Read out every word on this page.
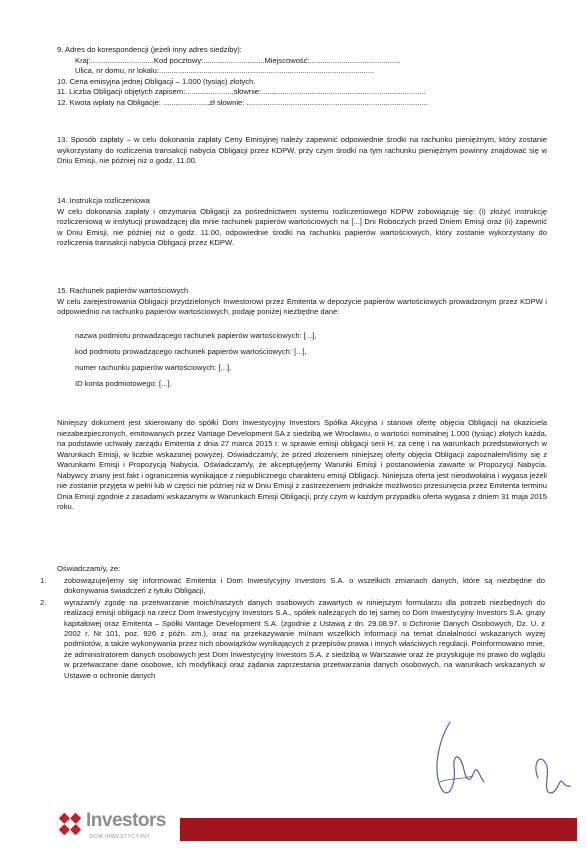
9. Adres do korespondencji (jeżeli inny adres siedziby):

Kraj:..............................Kod pocztowy:.............................Miejscowość:...........................................

Ulica, nr domu, nr lokalu:......................................................................................................

10. Cena emisyjna jednej Obligacji – 1.000 (tysiąc) złotych.

11. Liczba Obligacji objętych zapisem:.......................słownie:..............................................................................

12. Kwota wpłaty na Obligacje: ......................zł słownie: ......................................................................................

13. Sposób zapłaty – w celu dokonania zapłaty Ceny Emisyjnej należy zapewnić odpowiednie środki na rachunku pieniężnym, który zostanie wykorzystany do rozliczenia transakcji nabycia Obligacji przez KDPW, przy czym środki na tym rachunku pieniężnym powinny znajdować się w Dniu Emisji, nie później niż o godz. 11.00.

14. Instrukcja rozliczeniowa

W celu dokonania zapłaty i otrzymania Obligacji za pośrednictwem systemu rozliczeniowego KDPW zobowiązuję się: (i) złożyć instrukcję rozliczeniową w instytucji prowadzącej dla mnie rachunek papierów wartościowych na [...] Dni Roboczych przed Dniem Emisji oraz (ii) zapewnić w Dniu Emisji, nie później niż o godz. 11.00, odpowiednie środki na rachunku papierów wartościowych, który zostanie wykorzystany do rozliczenia transakcji nabycia Obligacji przez KDPW.

15. Rachunek papierów wartościowych

W celu zarejestrowania Obligacji przydzielonych Inwestorowi przez Emitenta w depozycie papierów wartościowych prowadzonym przez KDPW i odpowiednio na rachunku papierów wartościowych, podaję poniżej niezbędne dane:

nazwa podmiotu prowadzącego rachunek papierów wartościowych: [...],

kod podmiotu prowadzącego rachunek papierów wartościowych: [...],

numer rachunku papierów wartościowych: [...],

ID konta podmiotowego: [...].

Niniejszy dokument jest skierowany do spółki Dom Inwestycyjny Investors Spółka Akcyjna i stanowi ofertę objęcia Obligacji na okaziciela niezabezpieczonych, emitowanych przez Vantage Development SA z siedzibą we Wrocławiu, o wartości nominalnej 1.000 (tysiąc) złotych każda, na podstawie uchwały zarządu Emitenta z dnia 27 marca 2015 r. w sprawie emisji obligacji serii H, za cenę i na warunkach przedstawionych w Warunkach Emisji, w liczbie wskazanej powyżej. Oświadczam/y, że przed złożeniem niniejszej oferty objęcia Obligacji zapoznałem/liśmy się z Warunkami Emisji i Propozycją Nabycia. Oświadczam/y, że akceptuję/jemy Warunki Emisji i postanowienia zawarte w Propozycji Nabycia. Nabywcy znany jest fakt i ograniczenia wynikające z niepublicznego charakteru emisji Obligacji. Niniejsza oferta jest nieodwołalna i wygasa jeżeli nie zostanie przyjęta w pełni lub w części nie później niż w Dniu Emisji z zastrzeżeniem jednakże możliwości przesunięcia przez Emitenta terminu Dnia Emisji zgodnie z zasadami wskazanymi w Warunkach Emisji Obligacji, przy czym w każdym przypadku oferta wygasa z dniem 31 maja 2015 roku.

Oświadczam/y, że:

1.	zobowiązuje/jemy się informować Emitenta i Dom Inwestycyjny Investors S.A. o wszelkich zmianach danych, które są niezbędne do dokonywania świadczeń z tytułu Obligacji,
2.	wyrażam/y zgodę na przetwarzanie moich/naszych danych osobowych zawartych w niniejszym formularzu dla potrzeb niezbędnych do realizacji emisji obligacji na rzecz Dom Inwestycyjny Investors S.A., spółek należących do tej samej co Dom Inwestycyjny Investors S.A. grupy kapitałowej oraz Emitenta – Spółki Vantage Development S.A. (zgodnie z Ustawą z dn. 29.08.97. o Ochronie Danych Osobowych, Dz. U. z 2002 r. Nr 101, poz. 926 z późn. zm.), oraz na przekazywanie mi/nam wszelkich informacji na temat działalności wskazanych wyżej podmiotów, a także wykonywania przez nich obowiązków wynikających z przepisów prawa i innych właściwych regulacji. Poinformowano mnie, że administratorem danych osobowych jest Dom Inwestycyjny Investors S.A. z siedzibą w Warszawie oraz że przysługuje mi prawo do wglądu w przetwarzane dane osobowe, ich modyfikacji oraz żądania zaprzestania przetwarzania danych osobowych, na warunkach wskazanych w Ustawie o ochronie danych
Investors
DOM INWESTYCYJNY
